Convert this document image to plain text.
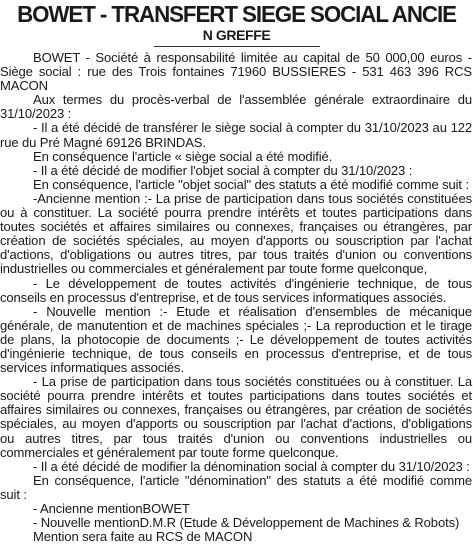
BOWET - TRANSFERT SIEGE SOCIAL ANCIE
N GREFFE

BOWET - Société à responsabilité limitée au capital de 50 000,00 euros - Siège social : rue des Trois fontaines 71960 BUSSIERES - 531 463 396 RCS MACON

Aux termes du procès-verbal de l'assemblée générale extraordinaire du 31/10/2023 :

- Il a été décidé de transférer le siège social à compter du 31/10/2023 au 122 rue du Pré Magné 69126 BRINDAS.

En conséquence l'article « siège social a été modifié.

- Il a été décidé de modifier l'objet social à compter du 31/10/2023 :

En conséquence, l'article "objet social" des statuts a été modifié comme suit :

-Ancienne mention :- La prise de participation dans tous sociétés constituées ou à constituer. La société pourra prendre intérêts et toutes participations dans toutes sociétés et affaires similaires ou connexes, françaises ou étrangères, par création de sociétés spéciales, au moyen d'apports ou souscription par l'achat d'actions, d'obligations ou autres titres, par tous traités d'union ou conventions industrielles ou commerciales et généralement par toute forme quelconque,

- Le développement de toutes activités d'ingénierie technique, de tous conseils en processus d'entreprise, et de tous services informatiques associés.

- Nouvelle mention :- Etude et réalisation d'ensembles de mécanique générale, de manutention et de machines spéciales ;- La reproduction et le tirage de plans, la photocopie de documents ;- Le développement de toutes activités d'ingénierie technique, de tous conseils en processus d'entreprise, et de tous services informatiques associés.

- La prise de participation dans tous sociétés constituées ou à constituer. La société pourra prendre intérêts et toutes participations dans toutes sociétés et affaires similaires ou connexes, françaises ou étrangères, par création de sociétés spéciales, au moyen d'apports ou souscription par l'achat d'actions, d'obligations ou autres titres, par tous traités d'union ou conventions industrielles ou commerciales et généralement par toute forme quelconque.

- Il a été décidé de modifier la dénomination social à compter du 31/10/2023 :

En conséquence, l'article "dénomination" des statuts a été modifié comme suit :

- Ancienne mentionBOWET

- Nouvelle mentionD.M.R (Etude & Développement de Machines & Robots)

Mention sera faite au RCS de MACON
